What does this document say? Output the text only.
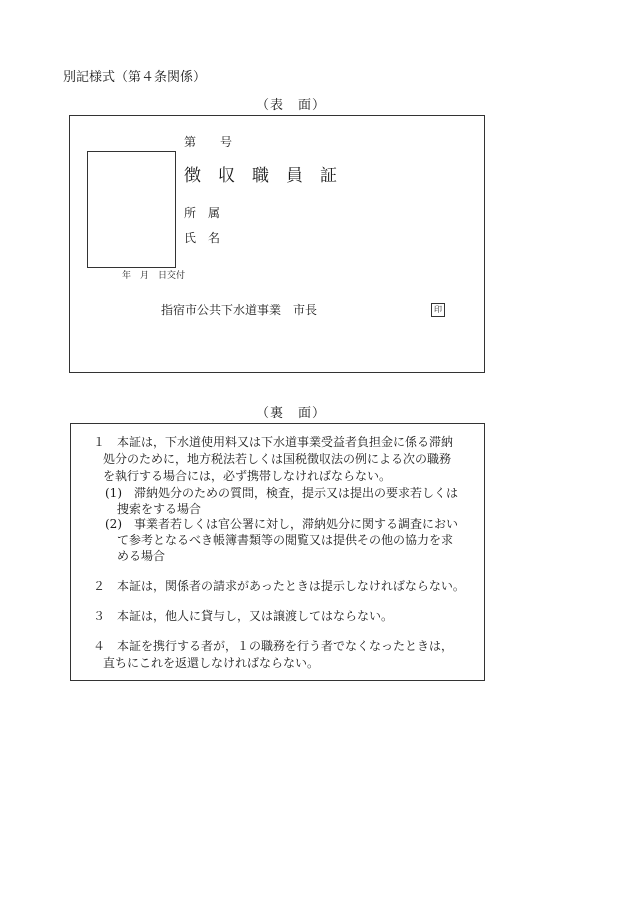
別記様式（第４条関係）
（表　面）
第　　号
徴　収　職　員　証
所　属
氏　名
年　月　日交付
指宿市公共下水道事業　市長	印
（裏　面）
１　本証は，下水道使用料又は下水道事業受益者負担金に係る滞納
処分のために，地方税法若しくは国税徴収法の例による次の職務
を執行する場合には，必ず携帯しなければならない。
(1)　滞納処分のための質問，検査，提示又は提出の要求若しくは
捜索をする場合
(2)　事業者若しくは官公署に対し，滞納処分に関する調査におい
て参考となるべき帳簿書類等の閲覧又は提供その他の協力を求
める場合
２　本証は，関係者の請求があったときは提示しなければならない。
３　本証は，他人に貸与し，又は譲渡してはならない。
４　本証を携行する者が，１の職務を行う者でなくなったときは，
直ちにこれを返還しなければならない。
